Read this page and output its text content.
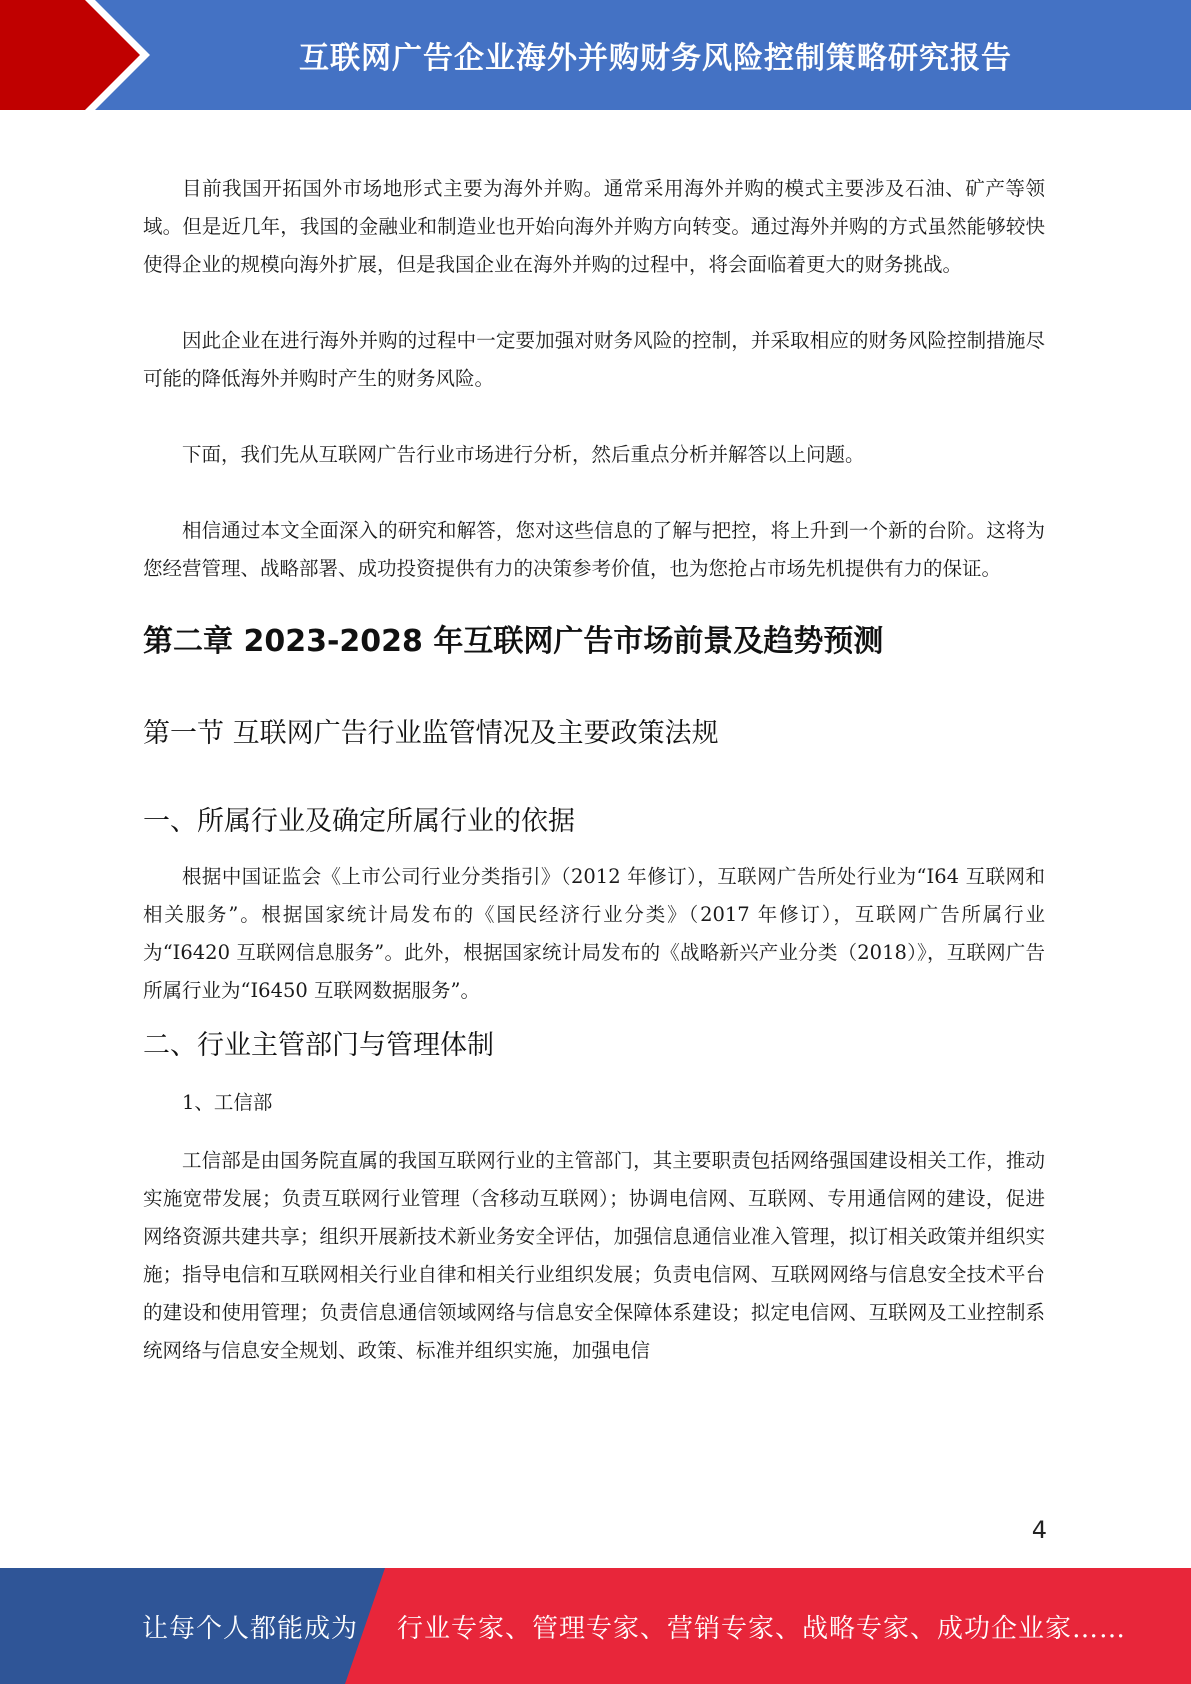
互联网广告企业海外并购财务风险控制策略研究报告

目前我国开拓国外市场地形式主要为海外并购。通常采用海外并购的模式主要涉及石油、矿产等领域。但是近几年，我国的金融业和制造业也开始向海外并购方向转变。通过海外并购的方式虽然能够较快使得企业的规模向海外扩展，但是我国企业在海外并购的过程中，将会面临着更大的财务挑战。

因此企业在进行海外并购的过程中一定要加强对财务风险的控制，并采取相应的财务风险控制措施尽可能的降低海外并购时产生的财务风险。

下面，我们先从互联网广告行业市场进行分析，然后重点分析并解答以上问题。

相信通过本文全面深入的研究和解答，您对这些信息的了解与把控，将上升到一个新的台阶。这将为您经营管理、战略部署、成功投资提供有力的决策参考价值，也为您抢占市场先机提供有力的保证。

第二章 2023-2028 年互联网广告市场前景及趋势预测
第一节 互联网广告行业监管情况及主要政策法规
一、所属行业及确定所属行业的依据

根据中国证监会《上市公司行业分类指引》（2012 年修订），互联网广告所处行业为“I64 互联网和相关服务”。根据国家统计局发布的《国民经济行业分类》（2017 年修订），互联网广告所属行业为“I6420 互联网信息服务”。此外，根据国家统计局发布的《战略新兴产业分类（2018）》，互联网广告所属行业为“I6450 互联网数据服务”。

二、行业主管部门与管理体制

1、工信部

工信部是由国务院直属的我国互联网行业的主管部门，其主要职责包括网络强国建设相关工作，推动实施宽带发展；负责互联网行业管理（含移动互联网）；协调电信网、互联网、专用通信网的建设，促进网络资源共建共享；组织开展新技术新业务安全评估，加强信息通信业准入管理，拟订相关政策并组织实施；指导电信和互联网相关行业自律和相关行业组织发展；负责电信网、互联网网络与信息安全技术平台的建设和使用管理；负责信息通信领域网络与信息安全保障体系建设；拟定电信网、互联网及工业控制系统网络与信息安全规划、政策、标准并组织实施，加强电信

4
让每个人都能成为 行业专家、管理专家、营销专家、战略专家、成功企业家……
